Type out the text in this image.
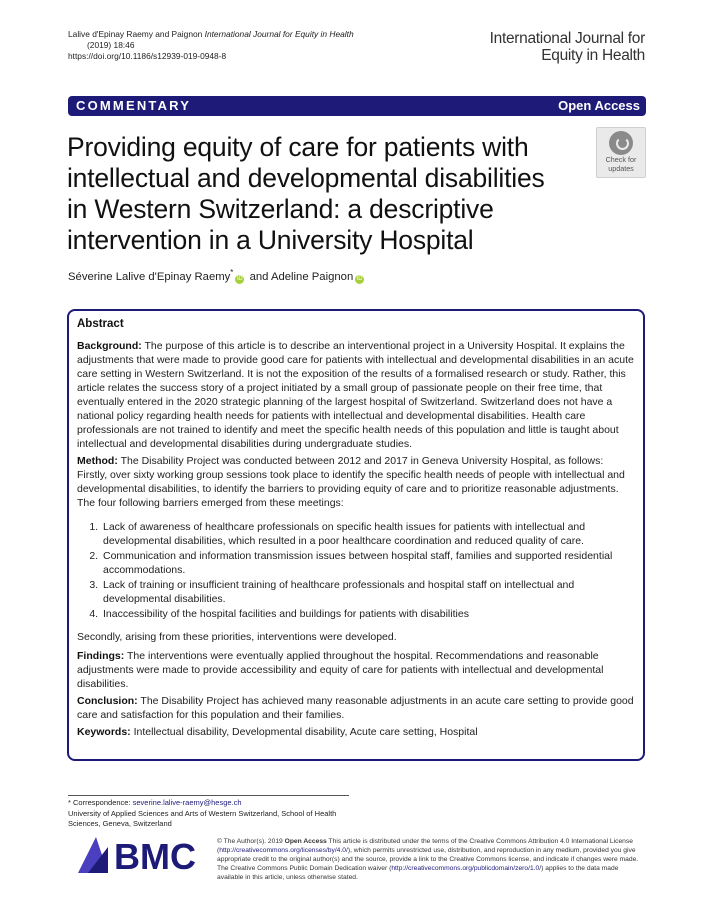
Lalive d'Epinay Raemy and Paignon International Journal for Equity in Health
(2019) 18:46
https://doi.org/10.1186/s12939-019-0948-8
International Journal for
Equity in Health
COMMENTARY	Open Access
Providing equity of care for patients with intellectual and developmental disabilities in Western Switzerland: a descriptive intervention in a University Hospital
Check for
updates
Séverine Lalive d'Epinay Raemy*iD and Adeline Paignon iD
Abstract

Background: The purpose of this article is to describe an interventional project in a University Hospital. It explains the adjustments that were made to provide good care for patients with intellectual and developmental disabilities in an acute care setting in Western Switzerland. It is not the exposition of the results of a formalised research or study. Rather, this article relates the success story of a project initiated by a small group of passionate people on their free time, that eventually entered in the 2020 strategic planning of the largest hospital of Switzerland. Switzerland does not have a national policy regarding health needs for patients with intellectual and developmental disabilities. Health care professionals are not trained to identify and meet the specific health needs of this population and little is taught about intellectual and developmental disabilities during undergraduate studies.

Method: The Disability Project was conducted between 2012 and 2017 in Geneva University Hospital, as follows: Firstly, over sixty working group sessions took place to identify the specific health needs of people with intellectual and developmental disabilities, to identify the barriers to providing equity of care and to prioritize reasonable adjustments. The four following barriers emerged from these meetings:

1. Lack of awareness of healthcare professionals on specific health issues for patients with intellectual and developmental disabilities, which resulted in a poor healthcare coordination and reduced quality of care.
2. Communication and information transmission issues between hospital staff, families and supported residential accommodations.
3. Lack of training or insufficient training of healthcare professionals and hospital staff on intellectual and developmental disabilities.
4. Inaccessibility of the hospital facilities and buildings for patients with disabilities

Secondly, arising from these priorities, interventions were developed.

Findings: The interventions were eventually applied throughout the hospital. Recommendations and reasonable adjustments were made to provide accessibility and equity of care for patients with intellectual and developmental disabilities.

Conclusion: The Disability Project has achieved many reasonable adjustments in an acute care setting to provide good care and satisfaction for this population and their families.

Keywords: Intellectual disability, Developmental disability, Acute care setting, Hospital

* Correspondence: severine.lalive-raemy@hesge.ch
University of Applied Sciences and Arts of Western Switzerland, School of Health Sciences, Geneva, Switzerland
BMC	© The Author(s). 2019 Open Access This article is distributed under the terms of the Creative Commons Attribution 4.0 International License (http://creativecommons.org/licenses/by/4.0/), which permits unrestricted use, distribution, and reproduction in any medium, provided you give appropriate credit to the original author(s) and the source, provide a link to the Creative Commons license, and indicate if changes were made. The Creative Commons Public Domain Dedication waiver (http://creativecommons.org/publicdomain/zero/1.0/) applies to the data made available in this article, unless otherwise stated.
